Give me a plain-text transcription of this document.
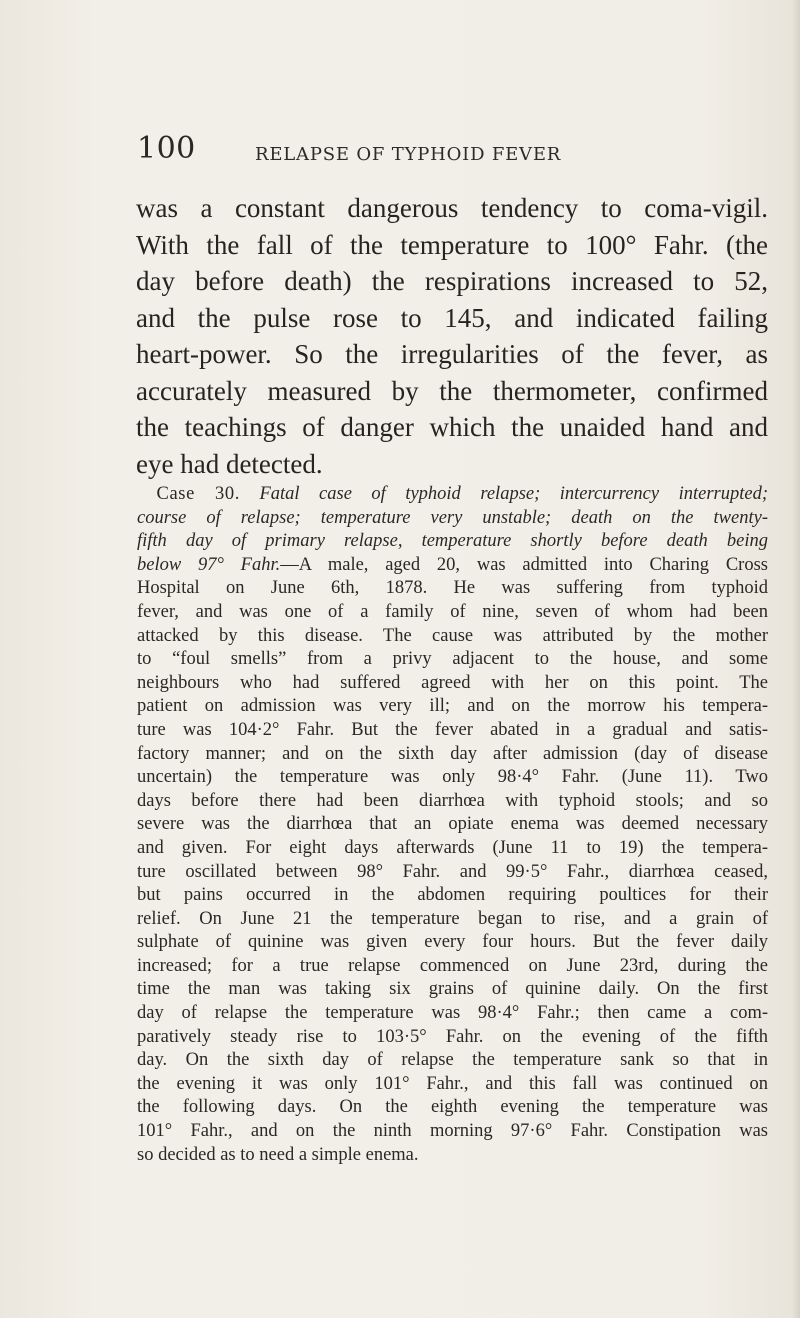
100	RELAPSE OF TYPHOID FEVER
was a constant dangerous tendency to coma-vigil.
With the fall of the temperature to 100° Fahr. (the
day before death) the respirations increased to 52,
and the pulse rose to 145, and indicated failing
heart-power. So the irregularities of the fever, as
accurately measured by the thermometer, confirmed
the teachings of danger which the unaided hand and
eye had detected.
Case 30. Fatal case of typhoid relapse; intercurrency interrupted;
course of relapse; temperature very unstable; death on the twenty-
fifth day of primary relapse, temperature shortly before death being
below 97° Fahr.—A male, aged 20, was admitted into Charing Cross
Hospital on June 6th, 1878. He was suffering from typhoid
fever, and was one of a family of nine, seven of whom had been
attacked by this disease. The cause was attributed by the mother
to “foul smells” from a privy adjacent to the house, and some
neighbours who had suffered agreed with her on this point. The
patient on admission was very ill; and on the morrow his tempera-
ture was 104·2° Fahr. But the fever abated in a gradual and satis-
factory manner; and on the sixth day after admission (day of disease
uncertain) the temperature was only 98·4° Fahr. (June 11). Two
days before there had been diarrhœa with typhoid stools; and so
severe was the diarrhœa that an opiate enema was deemed necessary
and given. For eight days afterwards (June 11 to 19) the tempera-
ture oscillated between 98° Fahr. and 99·5° Fahr., diarrhœa ceased,
but pains occurred in the abdomen requiring poultices for their
relief. On June 21 the temperature began to rise, and a grain of
sulphate of quinine was given every four hours. But the fever daily
increased; for a true relapse commenced on June 23rd, during the
time the man was taking six grains of quinine daily. On the first
day of relapse the temperature was 98·4° Fahr.; then came a com-
paratively steady rise to 103·5° Fahr. on the evening of the fifth
day. On the sixth day of relapse the temperature sank so that in
the evening it was only 101° Fahr., and this fall was continued on
the following days. On the eighth evening the temperature was
101° Fahr., and on the ninth morning 97·6° Fahr. Constipation was
so decided as to need a simple enema.
